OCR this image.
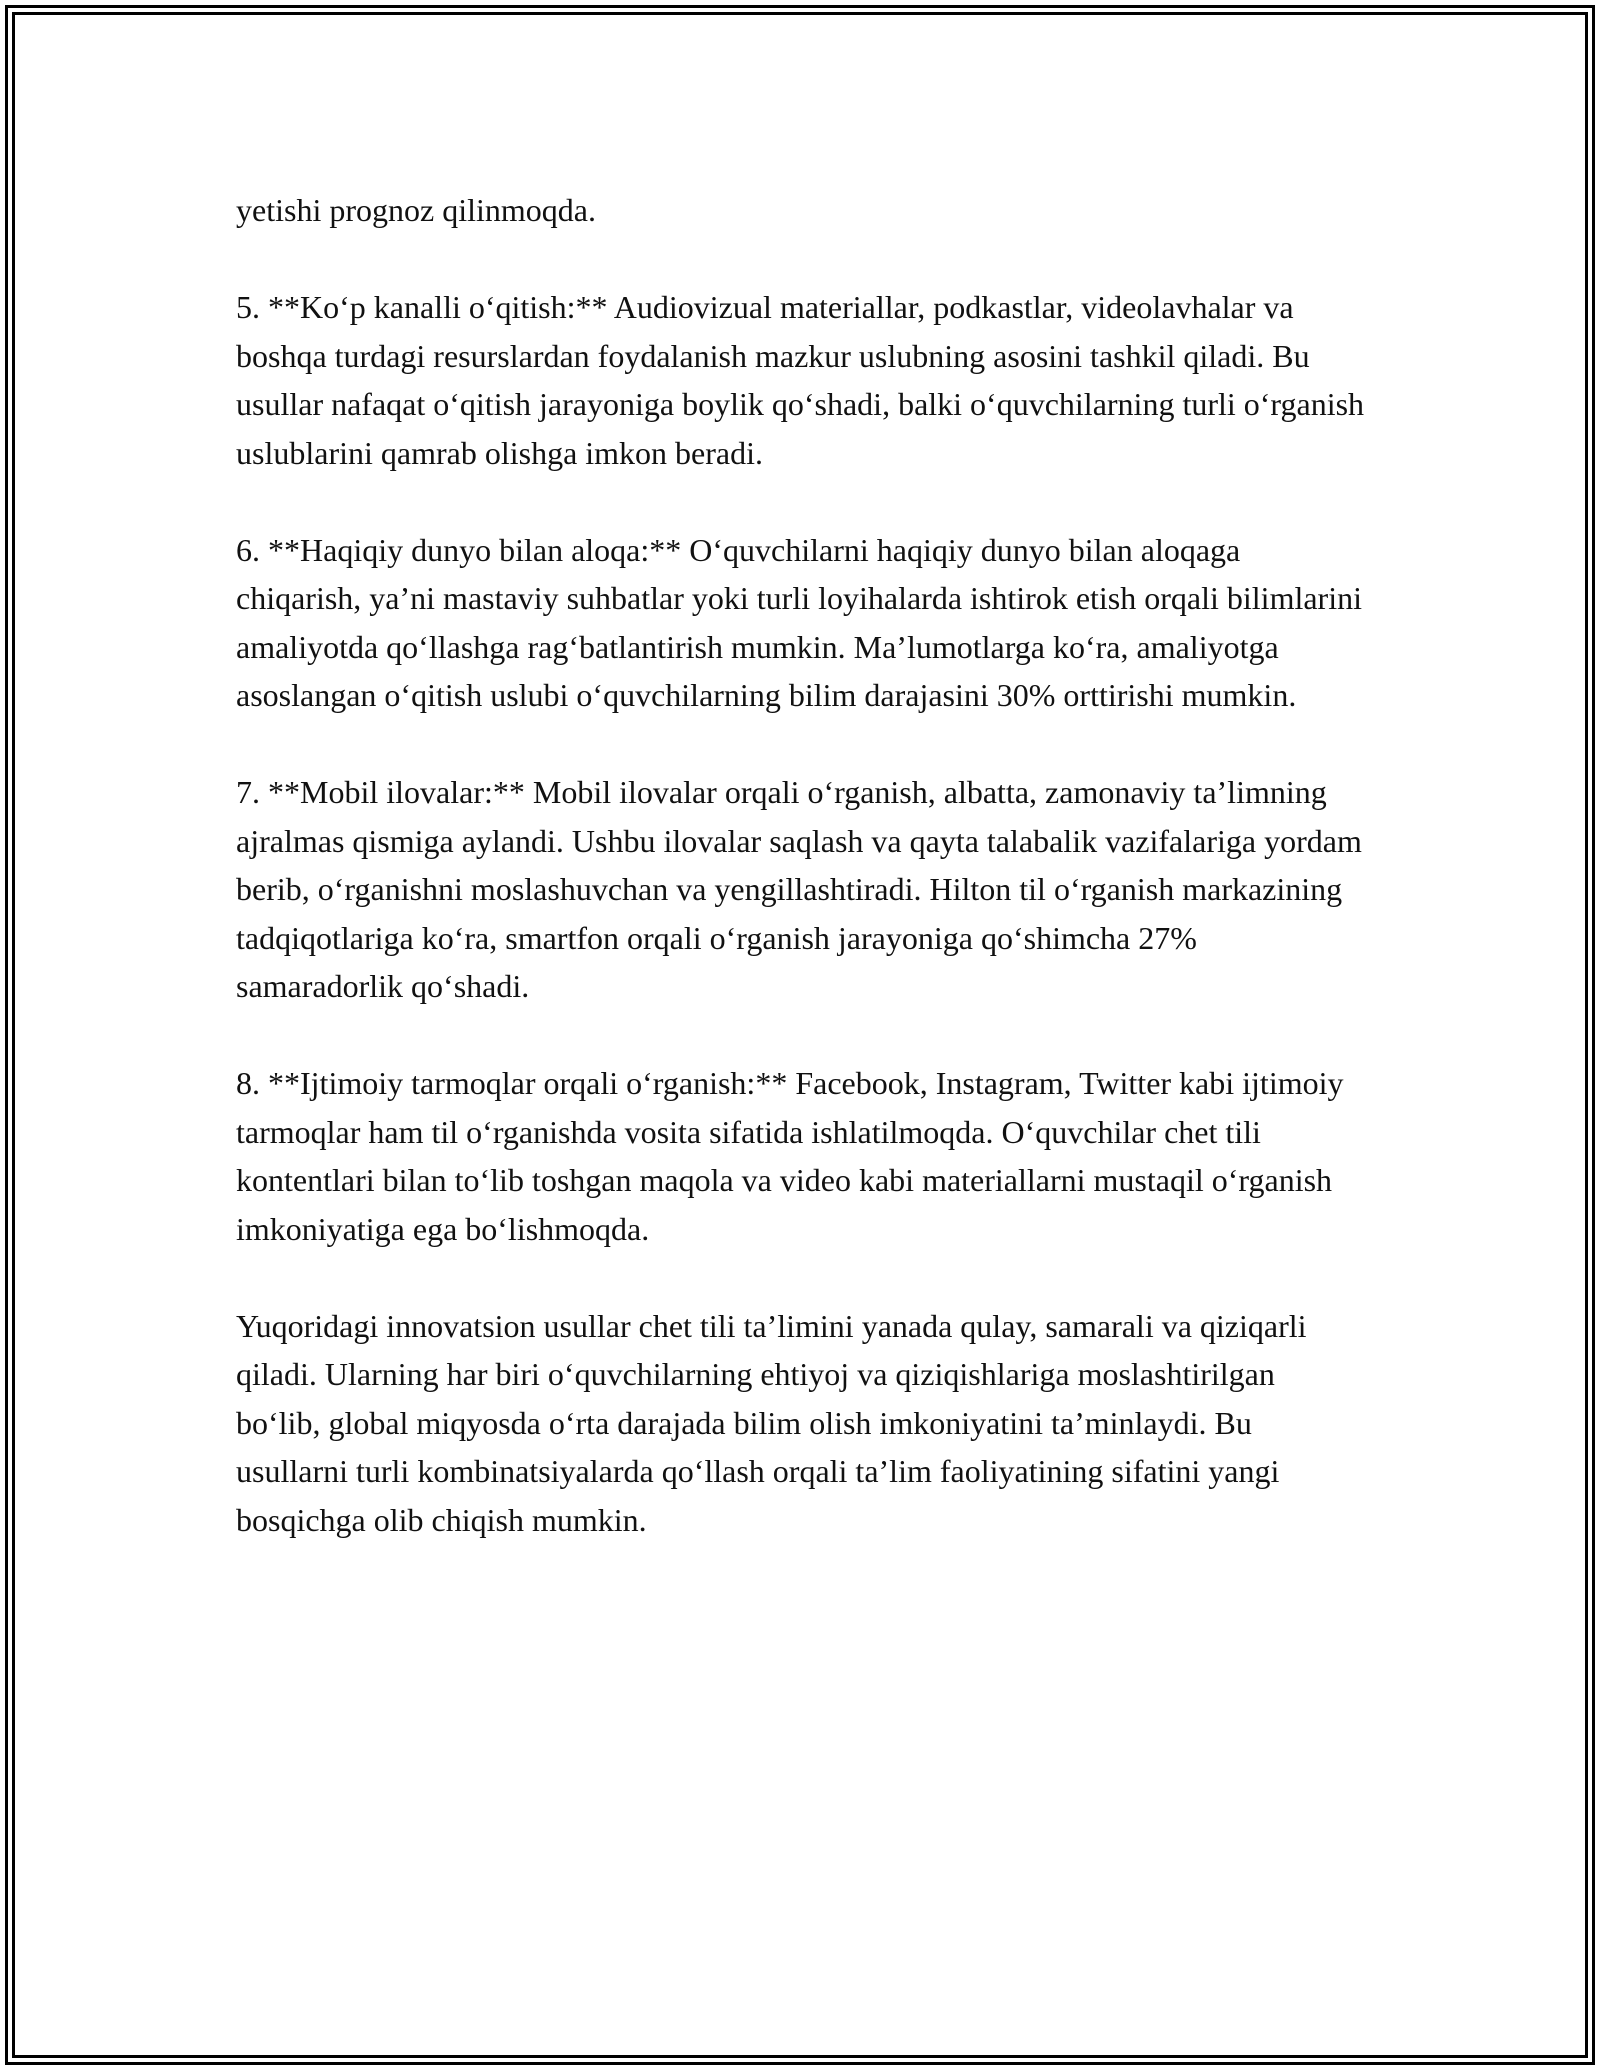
yetishi prognoz qilinmoqda.

5. **Ko‘p kanalli o‘qitish:** Audiovizual materiallar, podkastlar, videolavhalar va boshqa turdagi resurslardan foydalanish mazkur uslubning asosini tashkil qiladi. Bu usullar nafaqat o‘qitish jarayoniga boylik qo‘shadi, balki o‘quvchilarning turli o‘rganish uslublarini qamrab olishga imkon beradi.

6. **Haqiqiy dunyo bilan aloqa:** O‘quvchilarni haqiqiy dunyo bilan aloqaga chiqarish, ya’ni mastaviy suhbatlar yoki turli loyihalarda ishtirok etish orqali bilimlarini amaliyotda qo‘llashga rag‘batlantirish mumkin. Ma’lumotlarga ko‘ra, amaliyotga asoslangan o‘qitish uslubi o‘quvchilarning bilim darajasini 30% orttirishi mumkin.

7. **Mobil ilovalar:** Mobil ilovalar orqali o‘rganish, albatta, zamonaviy ta’limning ajralmas qismiga aylandi. Ushbu ilovalar saqlash va qayta talabalik vazifalariga yordam berib, o‘rganishni moslashuvchan va yengillashtiradi. Hilton til o‘rganish markazining tadqiqotlariga ko‘ra, smartfon orqali o‘rganish jarayoniga qo‘shimcha 27% samaradorlik qo‘shadi.

8. **Ijtimoiy tarmoqlar orqali o‘rganish:** Facebook, Instagram, Twitter kabi ijtimoiy tarmoqlar ham til o‘rganishda vosita sifatida ishlatilmoqda. O‘quvchilar chet tili kontentlari bilan to‘lib toshgan maqola va video kabi materiallarni mustaqil o‘rganish imkoniyatiga ega bo‘lishmoqda.

Yuqoridagi innovatsion usullar chet tili ta’limini yanada qulay, samarali va qiziqarli qiladi. Ularning har biri o‘quvchilarning ehtiyoj va qiziqishlariga moslashtirilgan bo‘lib, global miqyosda o‘rta darajada bilim olish imkoniyatini ta’minlaydi. Bu usullarni turli kombinatsiyalarda qo‘llash orqali ta’lim faoliyatining sifatini yangi bosqichga olib chiqish mumkin.
